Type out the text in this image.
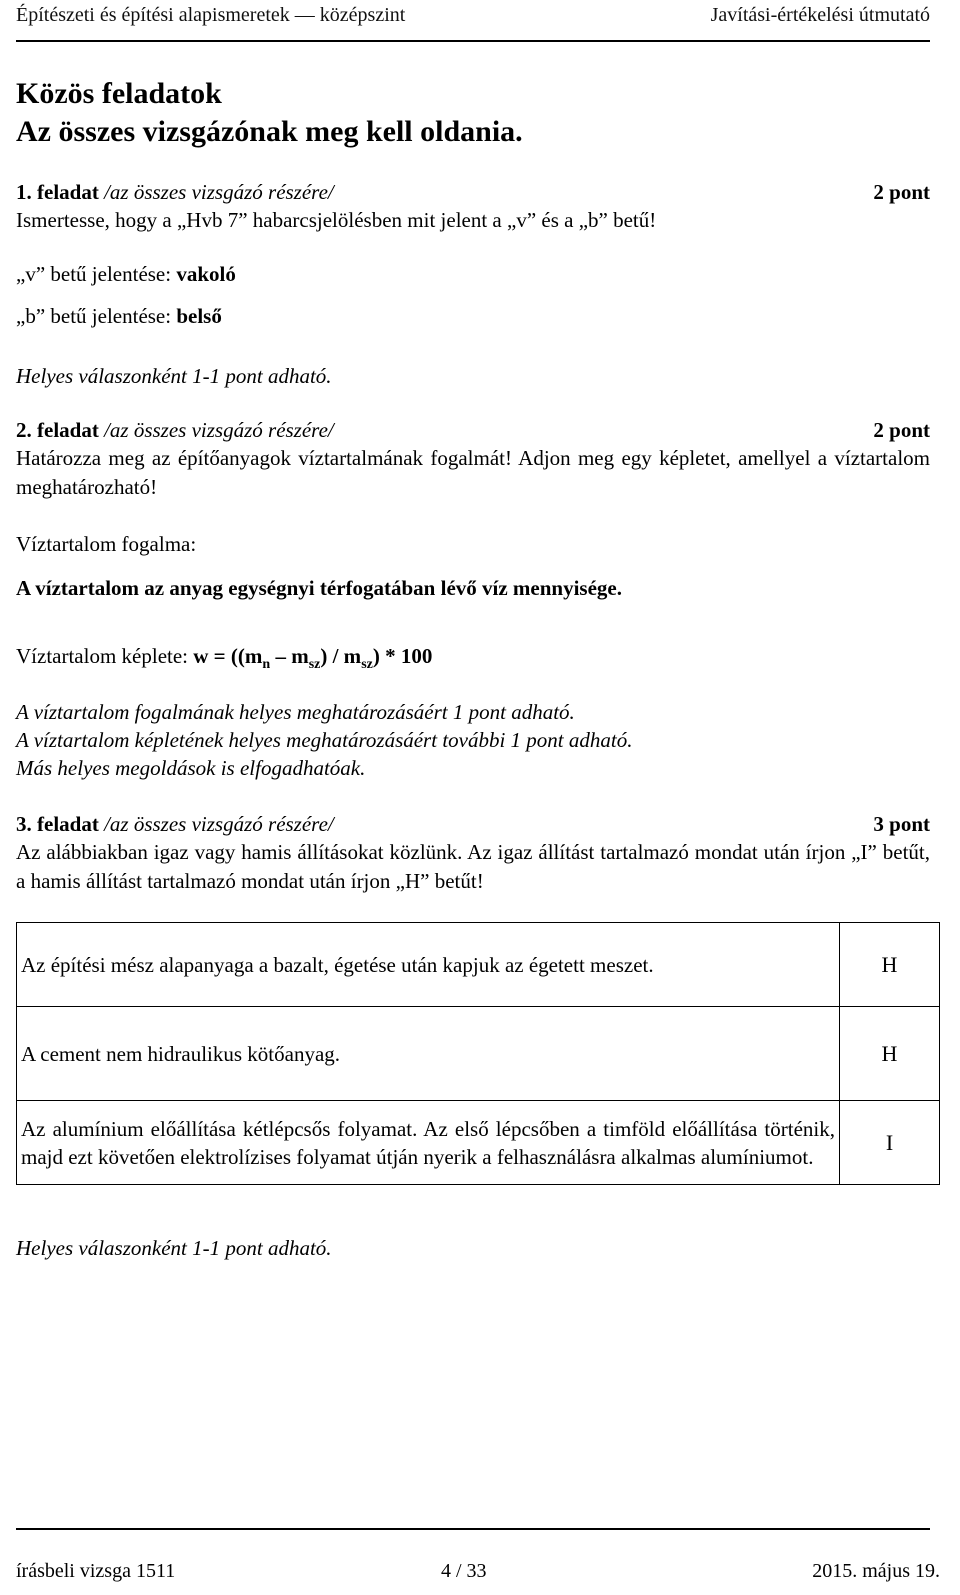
Építészeti és építési alapismeretek — középszint	Javítási-értékelési útmutató
Közös feladatok
Az összes vizsgázónak meg kell oldania.
1. feladat /az összes vizsgázó részére/	2 pont
Ismertesse, hogy a „Hvb 7” habarcsjelölésben mit jelent a „v” és a „b” betű!
„v” betű jelentése: vakoló
„b” betű jelentése: belső
Helyes válaszonként 1-1 pont adható.
2. feladat /az összes vizsgázó részére/	2 pont
Határozza meg az építőanyagok víztartalmának fogalmát! Adjon meg egy képletet, amellyel a víztartalom meghatározható!
Víztartalom fogalma:
A víztartalom az anyag egységnyi térfogatában lévő víz mennyisége.
Víztartalom képlete: $w = ((m_n - m_{sz}) / m_{sz}) * 100$
A víztartalom fogalmának helyes meghatározásáért 1 pont adható.
A víztartalom képletének helyes meghatározásáért további 1 pont adható.
Más helyes megoldások is elfogadhatóak.
3. feladat /az összes vizsgázó részére/	3 pont
Az alábbiakban igaz vagy hamis állításokat közlünk. Az igaz állítást tartalmazó mondat után írjon „I” betűt, a hamis állítást tartalmazó mondat után írjon „H” betűt!
Az építési mész alapanyaga a bazalt, égetése után kapjuk az égetett meszet.	H
A cement nem hidraulikus kötőanyag.	H
Az alumínium előállítása kétlépcsős folyamat. Az első lépcsőben a timföld előállítása történik, majd ezt követően elektrolízises folyamat útján nyerik a felhasználásra alkalmas alumíniumot.	I
Helyes válaszonként 1-1 pont adható.
írásbeli vizsga 1511	4 / 33	2015. május 19.
